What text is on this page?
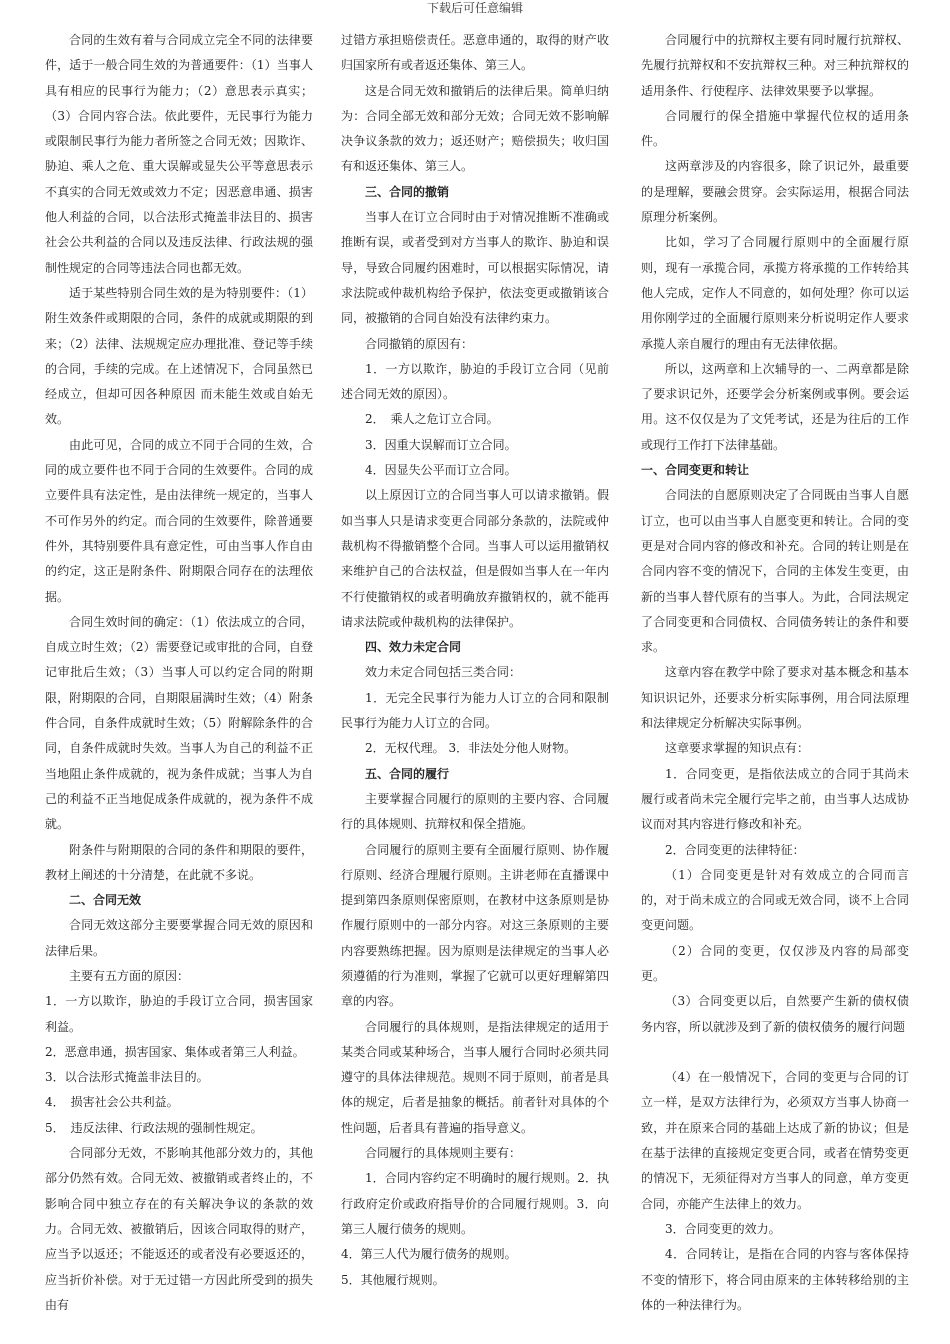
下载后可任意编辑

合同的生效有着与合同成立完全不同的法律要件，适于一般合同生效的为普通要件：（1）当事人具有相应的民事行为能力；（2）意思表示真实；（3）合同内容合法。依此要件，无民事行为能力或限制民事行为能力者所签之合同无效；因欺诈、胁迫、乘人之危、重大误解或显失公平等意思表示不真实的合同无效或效力不定；因恶意串通、损害他人利益的合同，以合法形式掩盖非法目的、损害社会公共利益的合同以及违反法律、行政法规的强制性规定的合同等违法合同也都无效。

适于某些特别合同生效的是为特别要件：（1）附生效条件或期限的合同，条件的成就或期限的到来；（2）法律、法规规定应办理批准、登记等手续的合同，手续的完成。在上述情况下，合同虽然已经成立，但却可因各种原因 而未能生效或自始无效。

由此可见，合同的成立不同于合同的生效，合同的成立要件也不同于合同的生效要件。合同的成立要件具有法定性，是由法律统一规定的，当事人不可作另外的约定。而合同的生效要件，除普通要件外，其特别要件具有意定性，可由当事人作自由的约定，这正是附条件、附期限合同存在的法理依据。

合同生效时间的确定：（1）依法成立的合同，自成立时生效；（2）需要登记或审批的合同，自登记审批后生效；（3）当事人可以约定合同的附期限，附期限的合同，自期限届满时生效；（4）附条件合同，自条件成就时生效；（5）附解除条件的合同，自条件成就时失效。当事人为自己的利益不正当地阻止条件成就的，视为条件成就；当事人为自己的利益不正当地促成条件成就的，视为条件不成就。

附条件与附期限的合同的条件和期限的要件，教材上阐述的十分清楚，在此就不多说。

二、合同无效

合同无效这部分主要要掌握合同无效的原因和法律后果。

主要有五方面的原因：

1．一方以欺诈，胁迫的手段订立合同，损害国家利益。

2．恶意串通，损害国家、集体或者第三人利益。

3．以合法形式掩盖非法目的。

4．　损害社会公共利益。

5．　违反法律、行政法规的强制性规定。

合同部分无效，不影响其他部分效力的，其他部分仍然有效。合同无效、被撤销或者终止的，不影响合同中独立存在的有关解决争议的条款的效力。合同无效、被撤销后，因该合同取得的财产，应当予以返还；不能返还的或者没有必要返还的，应当折价补偿。对于无过错一方因此所受到的损失由有

过错方承担赔偿责任。恶意串通的，取得的财产收归国家所有或者返还集体、第三人。

这是合同无效和撤销后的法律后果。简单归纳为：合同全部无效和部分无效；合同无效不影响解决争议条款的效力；返还财产；赔偿损失；收归国有和返还集体、第三人。

三、合同的撤销

当事人在订立合同时由于对情况推断不准确或推断有误，或者受到对方当事人的欺诈、胁迫和误导，导致合同履约困难时，可以根据实际情况，请求法院或仲裁机构给予保护，依法变更或撤销该合同，被撤销的合同自始没有法律约束力。

合同撤销的原因有：

1．一方以欺诈，胁迫的手段订立合同（见前述合同无效的原因）。

2．　乘人之危订立合同。

3．因重大误解而订立合同。

4．因显失公平而订立合同。

以上原因订立的合同当事人可以请求撤销。假如当事人只是请求变更合同部分条款的，法院或仲裁机构不得撤销整个合同。当事人可以运用撤销权来维护自己的合法权益，但是假如当事人在一年内不行使撤销权的或者明确放弃撤销权的，就不能再请求法院或仲裁机构的法律保护。

四、效力未定合同

效力未定合同包括三类合同：

1．无完全民事行为能力人订立的合同和限制民事行为能力人订立的合同。

2．无权代理。 3．非法处分他人财物。

五、合同的履行

主要掌握合同履行的原则的主要内容、合同履行的具体规则、抗辩权和保全措施。

合同履行的原则主要有全面履行原则、协作履行原则、经济合理履行原则。主讲老师在直播课中提到第四条原则保密原则，在教材中这条原则是协作履行原则中的一部分内容。对这三条原则的主要内容要熟练把握。因为原则是法律规定的当事人必须遵循的行为准则，掌握了它就可以更好理解第四章的内容。

合同履行的具体规则，是指法律规定的适用于某类合同或某种场合，当事人履行合同时必须共同遵守的具体法律规范。规则不同于原则，前者是具体的规定，后者是抽象的概括。前者针对具体的个性问题，后者具有普遍的指导意义。

合同履行的具体规则主要有：

1．合同内容约定不明确时的履行规则。2．执行政府定价或政府指导价的合同履行规则。3．向第三人履行债务的规则。

4．第三人代为履行债务的规则。

5．其他履行规则。

合同履行中的抗辩权主要有同时履行抗辩权、先履行抗辩权和不安抗辩权三种。对三种抗辩权的适用条件、行使程序、法律效果要予以掌握。

合同履行的保全措施中掌握代位权的适用条件。

这两章涉及的内容很多，除了识记外，最重要的是理解，要融会贯穿。会实际运用，根据合同法原理分析案例。

比如，学习了合同履行原则中的全面履行原则，现有一承揽合同，承揽方将承揽的工作转给其他人完成，定作人不同意的，如何处理？你可以运用你刚学过的全面履行原则来分析说明定作人要求承揽人亲自履行的理由有无法律依据。

所以，这两章和上次辅导的一、二两章都是除了要求识记外，还要学会分析案例或事例。要会运用。这不仅仅是为了文凭考试，还是为往后的工作或现行工作打下法律基础。

一、合同变更和转让

合同法的自愿原则决定了合同既由当事人自愿订立，也可以由当事人自愿变更和转让。合同的变更是对合同内容的修改和补充。合同的转让则是在合同内容不变的情况下，合同的主体发生变更，由新的当事人替代原有的当事人。为此，合同法规定了合同变更和合同债权、合同债务转让的条件和要求。

这章内容在教学中除了要求对基本概念和基本知识识记外，还要求分析实际事例，用合同法原理和法律规定分析解决实际事例。

这章要求掌握的知识点有：

1．合同变更，是指依法成立的合同于其尚未履行或者尚未完全履行完毕之前，由当事人达成协议而对其内容进行修改和补充。

2．合同变更的法律特征：

（1）合同变更是针对有效成立的合同而言的，对于尚未成立的合同或无效合同，谈不上合同变更问题。

（2）合同的变更，仅仅涉及内容的局部变更。

（3）合同变更以后，自然要产生新的债权债务内容，所以就涉及到了新的债权债务的履行问题

（4）在一般情况下，合同的变更与合同的订立一样，是双方法律行为，必须双方当事人协商一致，并在原来合同的基础上达成了新的协议；但是在基于法律的直接规定变更合同，或者在情势变更的情况下，无须征得对方当事人的同意，单方变更合同，亦能产生法律上的效力。

3．合同变更的效力。

4．合同转让，是指在合同的内容与客体保持不变的情形下，将合同由原来的主体转移给别的主体的一种法律行为。
